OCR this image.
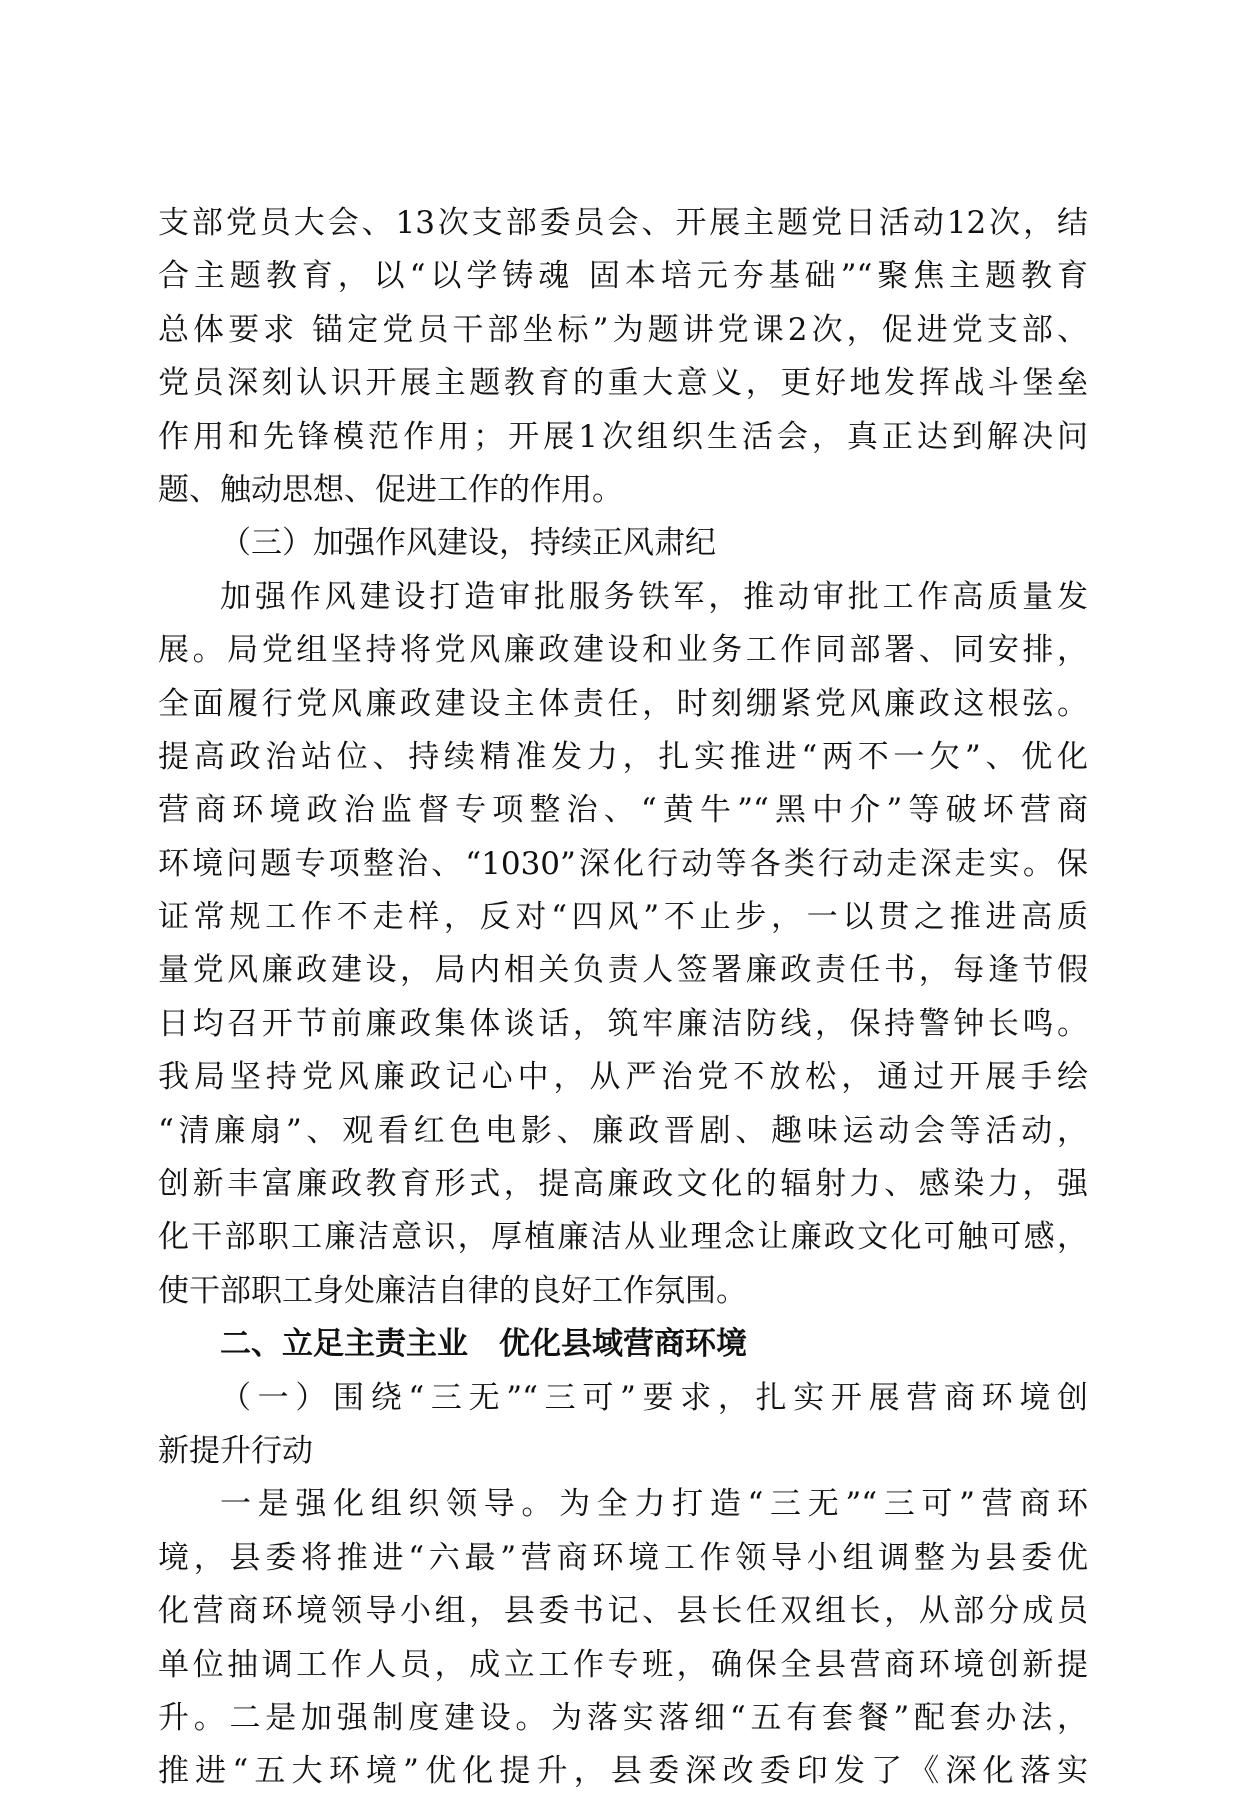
支部党员大会、13次支部委员会、开展主题党日活动12次，结
合主题教育，以“以学铸魂 固本培元夯基础”“聚焦主题教育
总体要求 锚定党员干部坐标”为题讲党课2次，促进党支部、
党员深刻认识开展主题教育的重大意义，更好地发挥战斗堡垒
作用和先锋模范作用；开展1次组织生活会，真正达到解决问
题、触动思想、促进工作的作用。
（三）加强作风建设，持续正风肃纪
加强作风建设打造审批服务铁军，推动审批工作高质量发
展。局党组坚持将党风廉政建设和业务工作同部署、同安排，
全面履行党风廉政建设主体责任，时刻绷紧党风廉政这根弦。
提高政治站位、持续精准发力，扎实推进“两不一欠”、优化
营商环境政治监督专项整治、“黄牛”“黑中介”等破坏营商
环境问题专项整治、“1030”深化行动等各类行动走深走实。保
证常规工作不走样，反对“四风”不止步，一以贯之推进高质
量党风廉政建设，局内相关负责人签署廉政责任书，每逢节假
日均召开节前廉政集体谈话，筑牢廉洁防线，保持警钟长鸣。
我局坚持党风廉政记心中，从严治党不放松，通过开展手绘
“清廉扇”、观看红色电影、廉政晋剧、趣味运动会等活动，
创新丰富廉政教育形式，提高廉政文化的辐射力、感染力，强
化干部职工廉洁意识，厚植廉洁从业理念让廉政文化可触可感，
使干部职工身处廉洁自律的良好工作氛围。
二、立足主责主业　优化县域营商环境
（一）围绕“三无”“三可”要求，扎实开展营商环境创
新提升行动
一是强化组织领导。为全力打造“三无”“三可”营商环
境，县委将推进“六最”营商环境工作领导小组调整为县委优
化营商环境领导小组，县委书记、县长任双组长，从部分成员
单位抽调工作人员，成立工作专班，确保全县营商环境创新提
升。二是加强制度建设。为落实落细“五有套餐”配套办法，
推进“五大环境”优化提升，县委深改委印发了《深化落实
